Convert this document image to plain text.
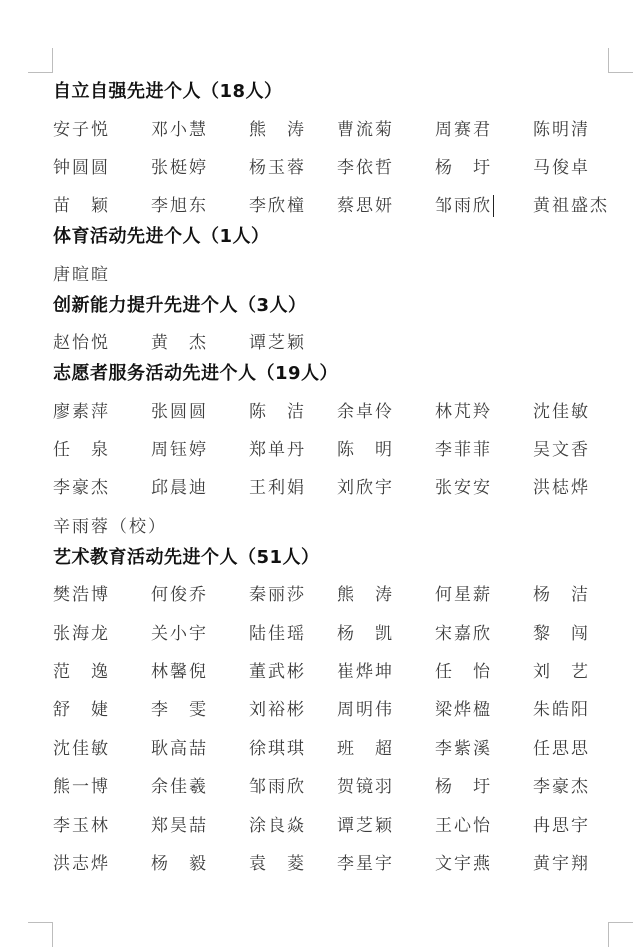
自立自强先进个人（18人）
安子悦	邓小慧	熊　涛	曹流菊	周赛君	陈明清
钟圆圆	张梃婷	杨玉蓉	李依哲	杨　圩	马俊卓
苗　颖	李旭东	李欣橦	蔡思妍	邹雨欣	黄祖盛杰
体育活动先进个人（1人）
唐暄暄
创新能力提升先进个人（3人）
赵怡悦	黄　杰	谭芝颖
志愿者服务活动先进个人（19人）
廖素萍	张圆圆	陈　洁	余卓伶	林芃羚	沈佳敏
任　泉	周钰婷	郑单丹	陈　明	李菲菲	吴文香
李豪杰	邱晨迪	王利娟	刘欣宇	张安安	洪梽烨
辛雨蓉（校）
艺术教育活动先进个人（51人）
樊浩博	何俊乔	秦丽莎	熊　涛	何星薪	杨　洁
张海龙	关小宇	陆佳瑶	杨　凯	宋嘉欣	黎　闯
范　逸	林馨倪	董武彬	崔烨坤	任　怡	刘　艺
舒　婕	李　雯	刘裕彬	周明伟	梁烨楹	朱皓阳
沈佳敏	耿高喆	徐琪琪	班　超	李紫溪	任思思
熊一博	余佳羲	邹雨欣	贺镜羽	杨　圩	李豪杰
李玉林	郑昊喆	涂良焱	谭芝颖	王心怡	冉思宇
洪志烨	杨　毅	袁　菱	李星宇	文宇燕	黄宇翔
